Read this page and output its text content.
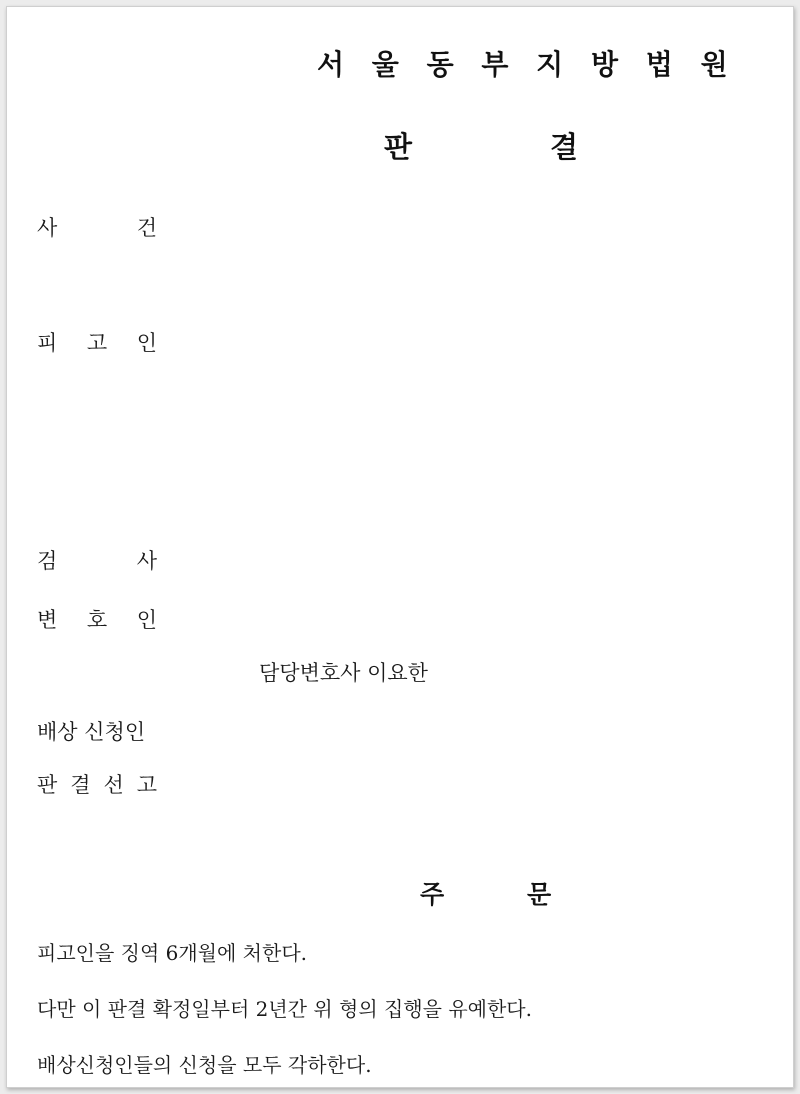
서 울 동 부 지 방 법 원
판	결
사	건
피 고 인
검	사
변 호 인
담당변호사 이요한
배상 신청인
판 결 선 고
주	문
피고인을 징역 6개월에 처한다.
다만 이 판결 확정일부터 2년간 위 형의 집행을 유예한다.
배상신청인들의 신청을 모두 각하한다.
